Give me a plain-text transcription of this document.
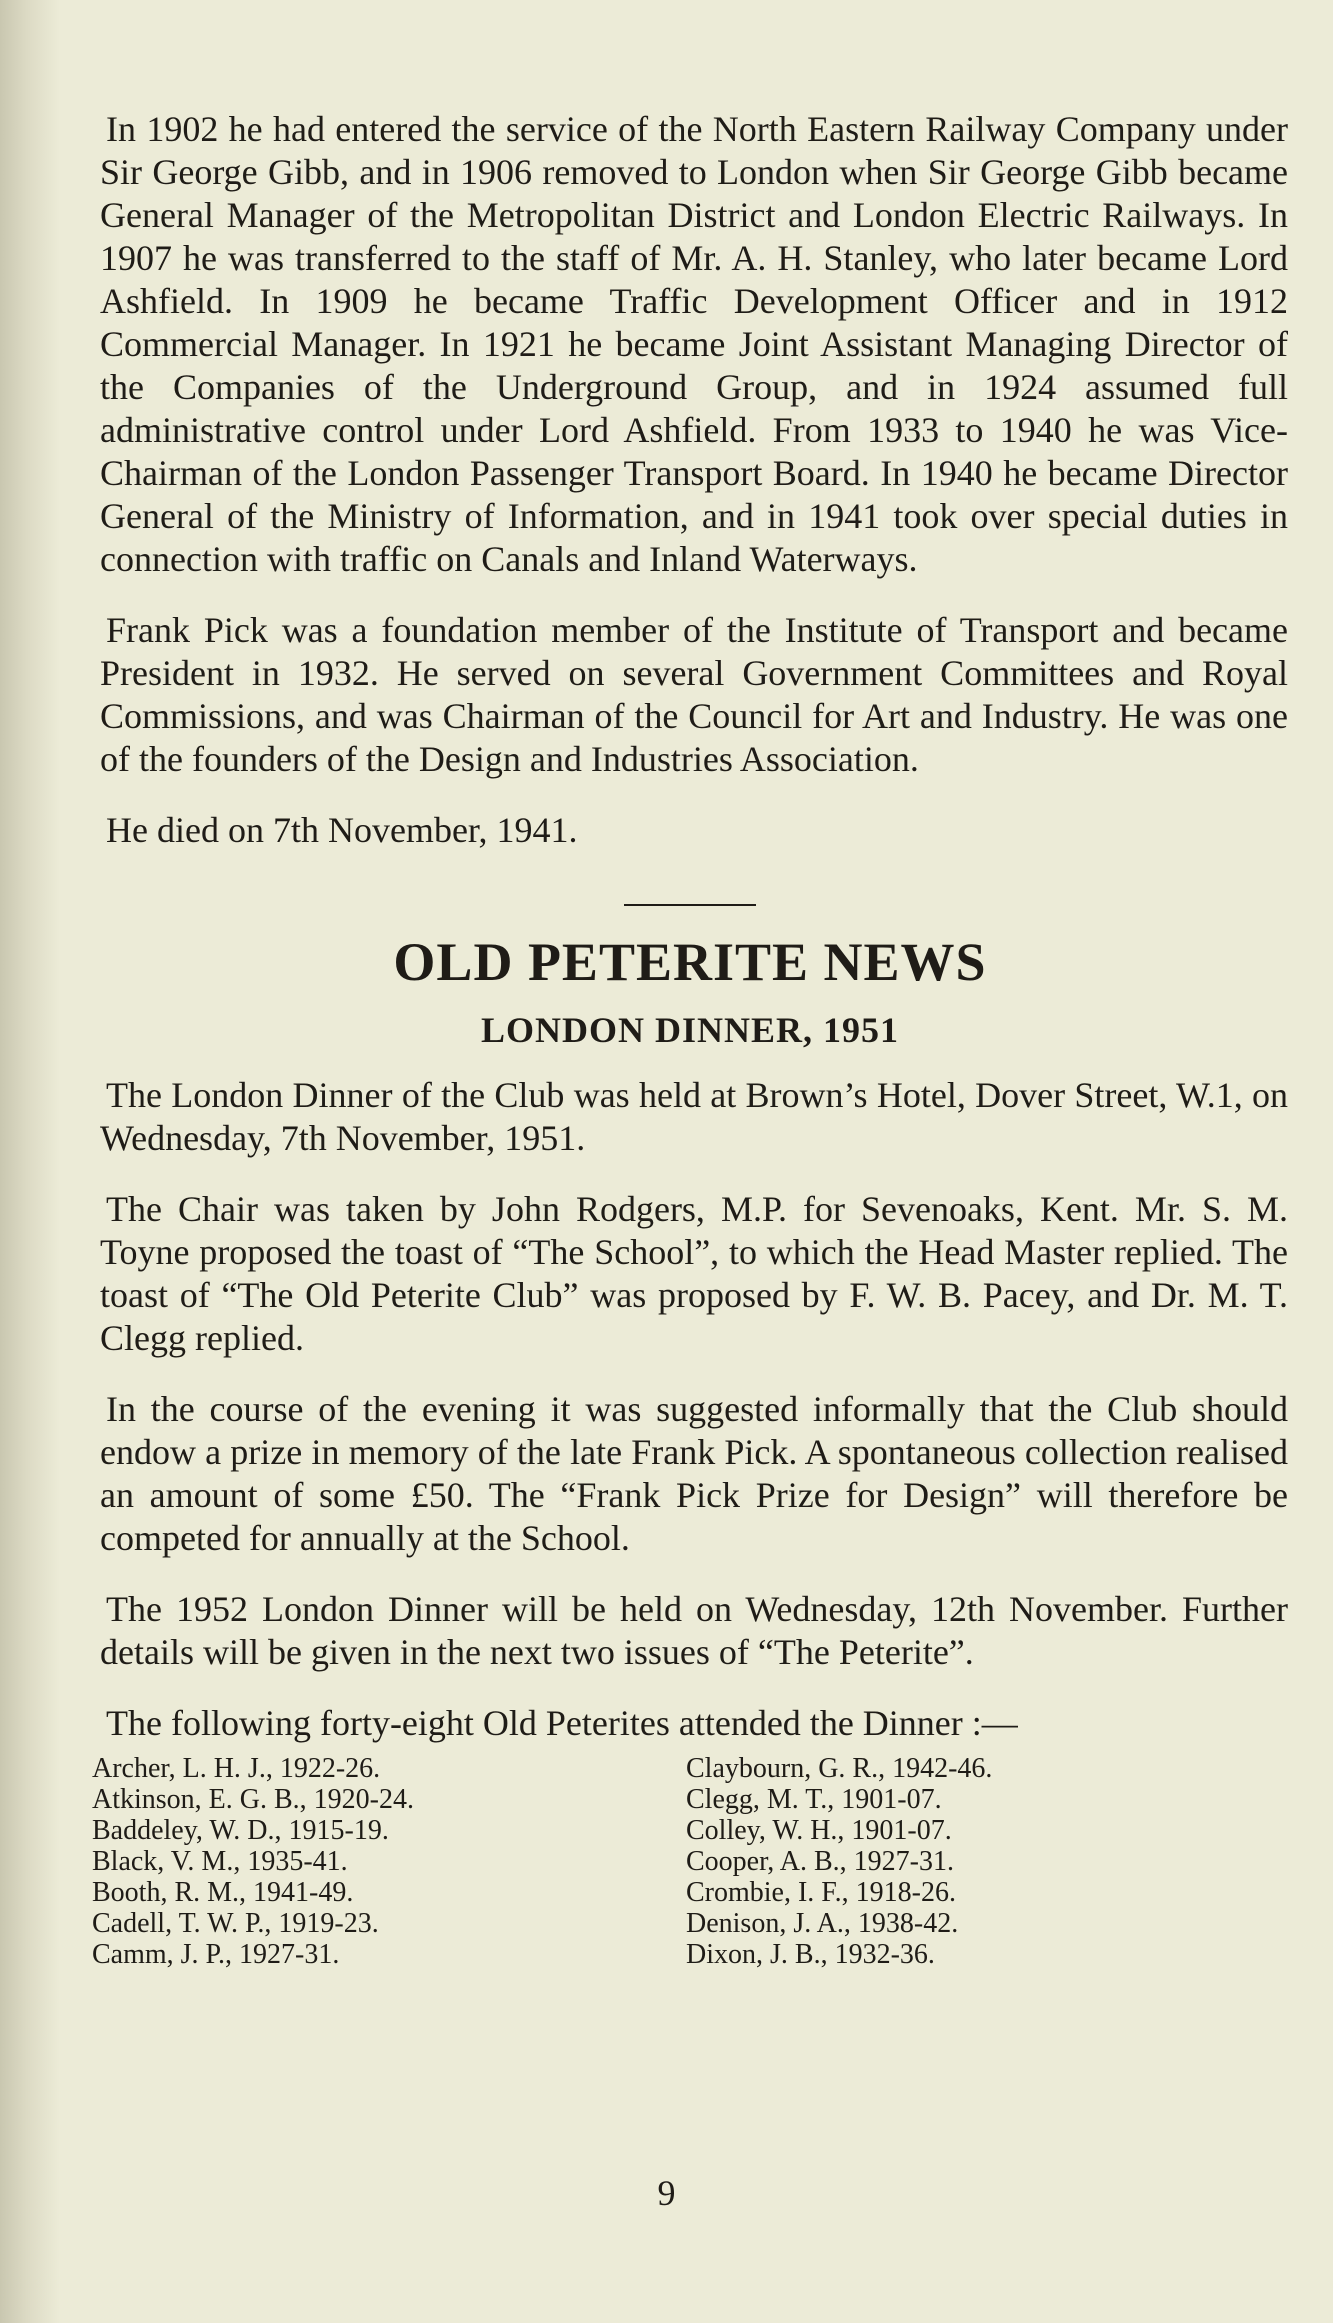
In 1902 he had entered the service of the North Eastern Railway Company under Sir George Gibb, and in 1906 removed to London when Sir George Gibb became General Manager of the Metropolitan District and London Electric Railways. In 1907 he was transferred to the staff of Mr. A. H. Stanley, who later became Lord Ashfield. In 1909 he became Traffic Development Officer and in 1912 Commercial Manager. In 1921 he became Joint Assistant Managing Director of the Companies of the Underground Group, and in 1924 assumed full administrative control under Lord Ashfield. From 1933 to 1940 he was Vice-Chairman of the London Passenger Transport Board. In 1940 he became Director General of the Ministry of Information, and in 1941 took over special duties in connection with traffic on Canals and Inland Waterways.

Frank Pick was a foundation member of the Institute of Transport and became President in 1932. He served on several Government Committees and Royal Commissions, and was Chairman of the Council for Art and Industry. He was one of the founders of the Design and Industries Association.

He died on 7th November, 1941.

OLD PETERITE NEWS
LONDON DINNER, 1951

The London Dinner of the Club was held at Brown’s Hotel, Dover Street, W.1, on Wednesday, 7th November, 1951.

The Chair was taken by John Rodgers, M.P. for Sevenoaks, Kent. Mr. S. M. Toyne proposed the toast of “The School”, to which the Head Master replied. The toast of “The Old Peterite Club” was proposed by F. W. B. Pacey, and Dr. M. T. Clegg replied.

In the course of the evening it was suggested informally that the Club should endow a prize in memory of the late Frank Pick. A spontaneous collection realised an amount of some £50. The “Frank Pick Prize for Design” will therefore be competed for annually at the School.

The 1952 London Dinner will be held on Wednesday, 12th November. Further details will be given in the next two issues of “The Peterite”.

The following forty-eight Old Peterites attended the Dinner :—

Archer, L. H. J., 1922-26.
Atkinson, E. G. B., 1920-24.
Baddeley, W. D., 1915-19.
Black, V. M., 1935-41.
Booth, R. M., 1941-49.
Cadell, T. W. P., 1919-23.
Camm, J. P., 1927-31.
Claybourn, G. R., 1942-46.
Clegg, M. T., 1901-07.
Colley, W. H., 1901-07.
Cooper, A. B., 1927-31.
Crombie, I. F., 1918-26.
Denison, J. A., 1938-42.
Dixon, J. B., 1932-36.
9
